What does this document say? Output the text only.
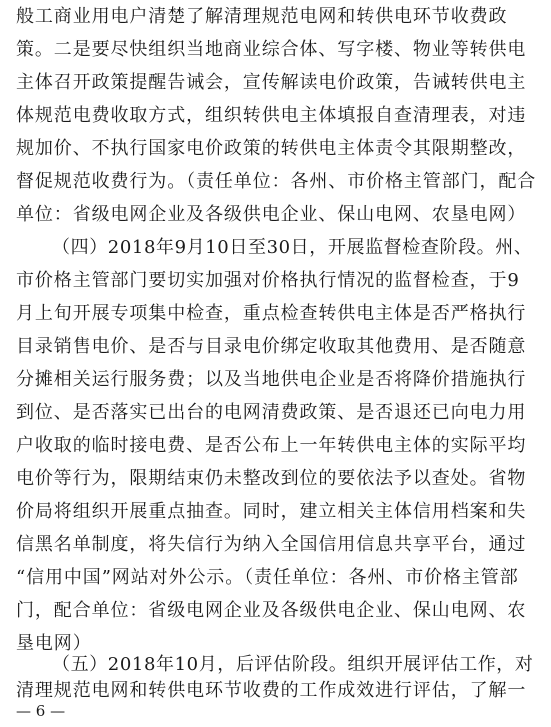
般工商业用电户清楚了解清理规范电网和转供电环节收费政
策。二是要尽快组织当地商业综合体、写字楼、物业等转供电
主体召开政策提醒告诫会，宣传解读电价政策，告诫转供电主
体规范电费收取方式，组织转供电主体填报自查清理表，对违
规加价、不执行国家电价政策的转供电主体责令其限期整改，
督促规范收费行为。（责任单位：各州、市价格主管部门，配合
单位：省级电网企业及各级供电企业、保山电网、农垦电网）
（四）2018年9月10日至30日，开展监督检查阶段。州、
市价格主管部门要切实加强对价格执行情况的监督检查，于9
月上旬开展专项集中检查，重点检查转供电主体是否严格执行
目录销售电价、是否与目录电价绑定收取其他费用、是否随意
分摊相关运行服务费；以及当地供电企业是否将降价措施执行
到位、是否落实已出台的电网清费政策、是否退还已向电力用
户收取的临时接电费、是否公布上一年转供电主体的实际平均
电价等行为，限期结束仍未整改到位的要依法予以查处。省物
价局将组织开展重点抽查。同时，建立相关主体信用档案和失
信黑名单制度，将失信行为纳入全国信用信息共享平台，通过
“信用中国”网站对外公示。（责任单位：各州、市价格主管部
门，配合单位：省级电网企业及各级供电企业、保山电网、农
垦电网）
（五）2018年10月，后评估阶段。组织开展评估工作，对
清理规范电网和转供电环节收费的工作成效进行评估，了解一
— 6 —
